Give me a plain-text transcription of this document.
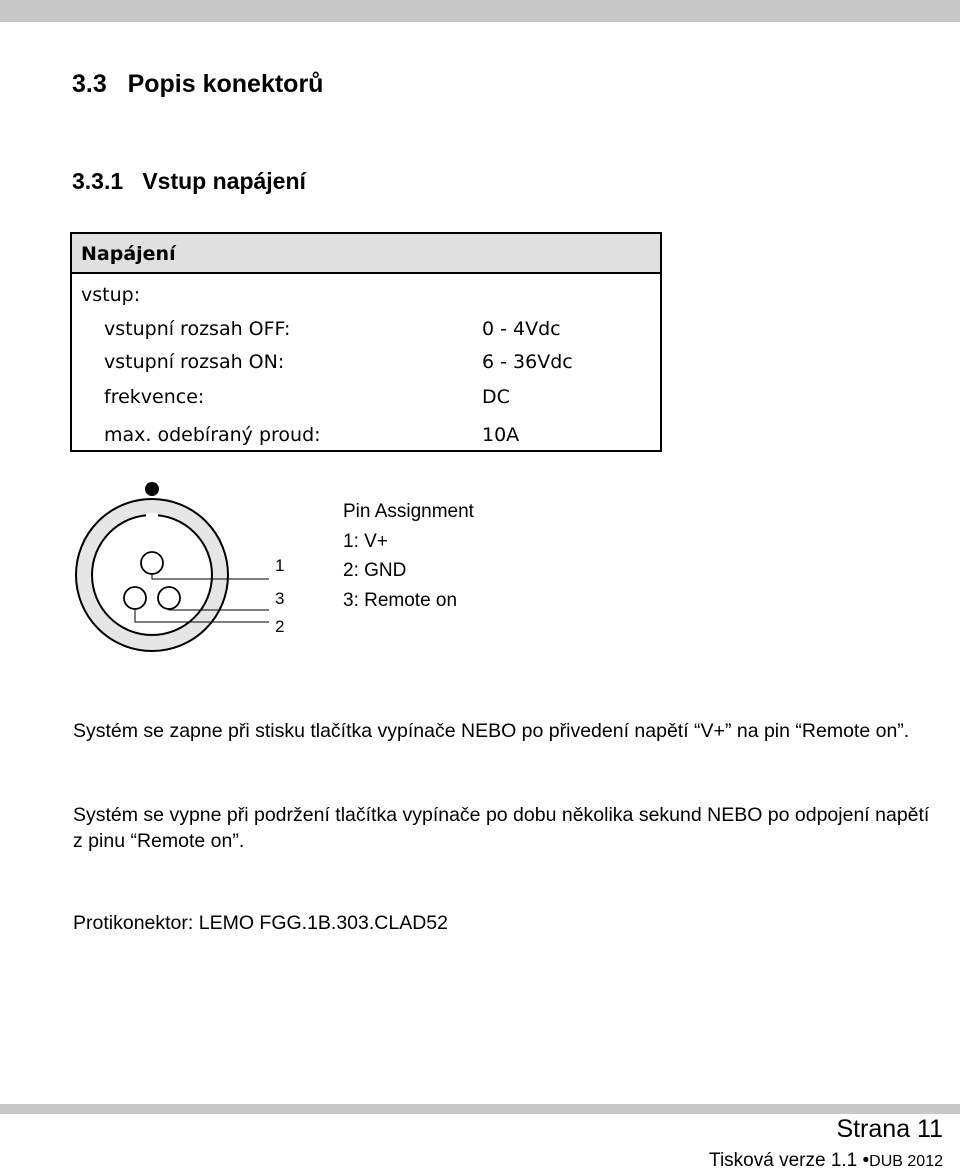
3.3   Popis konektorů
3.3.1   Vstup napájení
Napájení
vstup:
vstupní rozsah OFF:	0 - 4Vdc
vstupní rozsah ON:	6 - 36Vdc
frekvence:	DC
max. odebíraný proud:	10A
1
3
2
Pin Assignment
1: V+
2: GND
3: Remote on
Systém se zapne při stisku tlačítka vypínače NEBO po přivedení napětí “V+” na pin “Remote on”.
Systém se vypne při podržení tlačítka vypínače po dobu několika sekund NEBO po odpojení napětí z pinu “Remote on”.
Protikonektor: LEMO FGG.1B.303.CLAD52
Strana 11
Tisková verze 1.1 •DUB 2012
